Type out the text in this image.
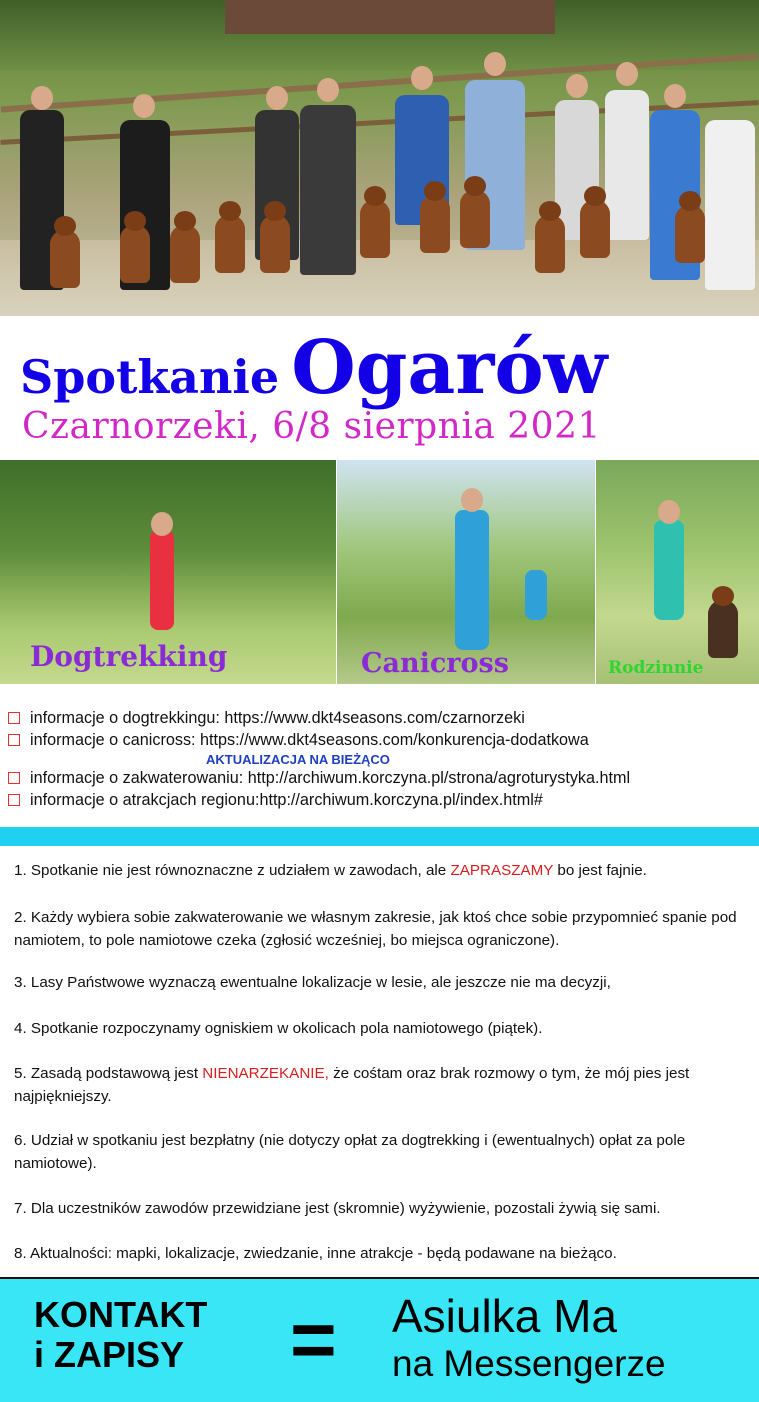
Spotkanie Ogarów
Czarnorzeki, 6/8 sierpnia 2021
Dogtrekking	Canicross	Rodzinnie
informacje o dogtrekkingu: https://www.dkt4seasons.com/czarnorzeki
informacje o canicross: https://www.dkt4seasons.com/konkurencja-dodatkowa
AKTUALIZACJA NA BIEŻĄCO
informacje o zakwaterowaniu: http://archiwum.korczyna.pl/strona/agroturystyka.html
informacje o atrakcjach regionu:http://archiwum.korczyna.pl/index.html#
1. Spotkanie nie jest równoznaczne z udziałem w zawodach, ale ZAPRASZAMY bo jest fajnie.
2. Każdy wybiera sobie zakwaterowanie we własnym zakresie, jak ktoś chce sobie przypomnieć spanie pod namiotem, to pole namiotowe czeka (zgłosić wcześniej, bo miejsca ograniczone).
3. Lasy Państwowe wyznaczą ewentualne lokalizacje w lesie, ale jeszcze nie ma decyzji,
4. Spotkanie rozpoczynamy ogniskiem w okolicach pola namiotowego (piątek).
5. Zasadą podstawową jest NIENARZEKANIE, że cośtam oraz brak rozmowy o tym, że mój pies jest najpiękniejszy.
6. Udział w spotkaniu jest bezpłatny (nie dotyczy opłat za dogtrekking i (ewentualnych) opłat za pole namiotowe).
7. Dla uczestników zawodów przewidziane jest (skromnie) wyżywienie, pozostali żywią się sami.
8. Aktualności: mapki, lokalizacje, zwiedzanie, inne atrakcje - będą podawane na bieżąco.
KONTAKT
i ZAPISY = Asiulka Ma
na Messengerze
